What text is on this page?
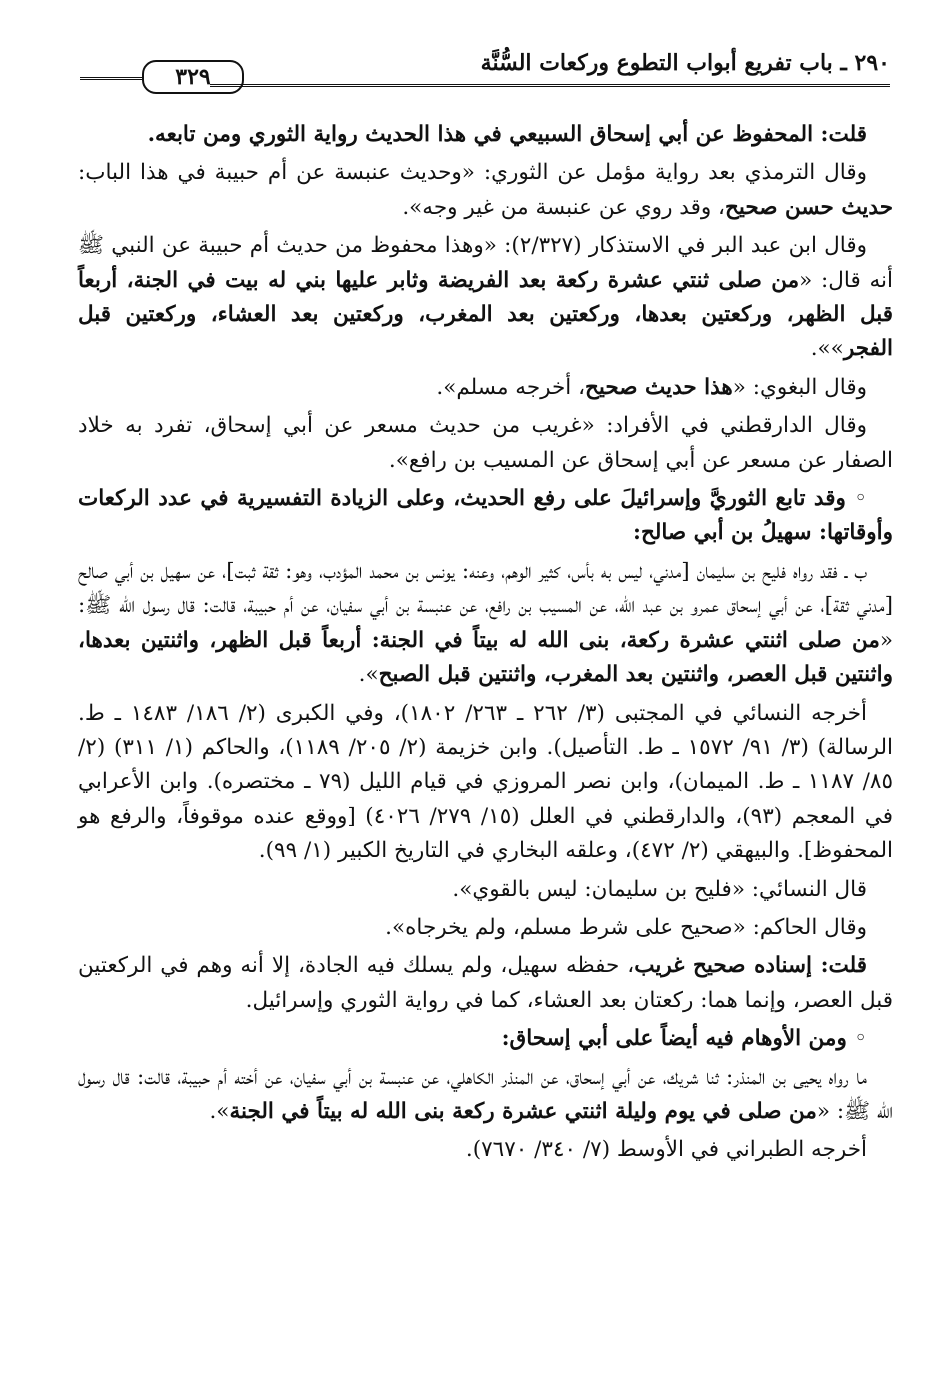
٣٢٩
٢٩٠ ـ باب تفريع أبواب التطوع وركعات السُّنَّة

قلت: المحفوظ عن أبي إسحاق السبيعي في هذا الحديث رواية الثوري ومن تابعه.

وقال الترمذي بعد رواية مؤمل عن الثوري: «وحديث عنبسة عن أم حبيبة في هذا الباب: حديث حسن صحيح، وقد روي عن عنبسة من غير وجه».

وقال ابن عبد البر في الاستذكار (٢/٣٢٧): «وهذا محفوظ من حديث أم حبيبة عن النبي ﷺ أنه قال: «من صلى ثنتي عشرة ركعة بعد الفريضة وثابر عليها بني له بيت في الجنة، أربعاً قبل الظهر، وركعتين بعدها، وركعتين بعد المغرب، وركعتين بعد العشاء، وركعتين قبل الفجر»».

وقال البغوي: «هذا حديث صحيح، أخرجه مسلم».

وقال الدارقطني في الأفراد: «غريب من حديث مسعر عن أبي إسحاق، تفرد به خلاد الصفار عن مسعر عن أبي إسحاق عن المسيب بن رافع».

◦ وقد تابع الثوريَّ وإسرائيلَ على رفع الحديث، وعلى الزيادة التفسيرية في عدد الركعات وأوقاتها: سهيلُ بن أبي صالح:

ب ـ فقد رواه فليح بن سليمان [مدني، ليس به بأس، كثير الوهم، وعنه: يونس بن محمد المؤدب، وهو: ثقة ثبت]، عن سهيل بن أبي صالح [مدني ثقة]، عن أبي إسحاق عمرو بن عبد الله، عن المسيب بن رافع، عن عنبسة بن أبي سفيان، عن أم حبيبة، قالت: قال رسول الله ﷺ: «من صلى اثنتي عشرة ركعة، بنى الله له بيتاً في الجنة: أربعاً قبل الظهر، واثنتين بعدها، واثنتين قبل العصر، واثنتين بعد المغرب، واثنتين قبل الصبح».

أخرجه النسائي في المجتبى (٣/ ٢٦٢ ـ ٢٦٣/ ١٨٠٢)، وفي الكبرى (٢/ ١٨٦/ ١٤٨٣ ـ ط. الرسالة) (٣/ ٩١/ ١٥٧٢ ـ ط. التأصيل). وابن خزيمة (٢/ ٢٠٥/ ١١٨٩)، والحاكم (١/ ٣١١) (٢/ ٨٥/ ١١٨٧ ـ ط. الميمان)، وابن نصر المروزي في قيام الليل (٧٩ ـ مختصره). وابن الأعرابي في المعجم (٩٣)، والدارقطني في العلل (١٥/ ٢٧٩/ ٤٠٢٦) [ووقع عنده موقوفاً، والرفع هو المحفوظ]. والبيهقي (٢/ ٤٧٢)، وعلقه البخاري في التاريخ الكبير (١/ ٩٩).

قال النسائي: «فليح بن سليمان: ليس بالقوي».

وقال الحاكم: «صحيح على شرط مسلم، ولم يخرجاه».

قلت: إسناده صحيح غريب، حفظه سهيل، ولم يسلك فيه الجادة، إلا أنه وهم في الركعتين قبل العصر، وإنما هما: ركعتان بعد العشاء، كما في رواية الثوري وإسرائيل.

◦ ومن الأوهام فيه أيضاً على أبي إسحاق:

ما رواه يحيى بن المنذر: ثنا شريك، عن أبي إسحاق، عن المنذر الكاهلي، عن عنبسة بن أبي سفيان، عن أخته أم حبيبة، قالت: قال رسول الله ﷺ: «من صلى في يوم وليلة اثنتي عشرة ركعة بنى الله له بيتاً في الجنة».

أخرجه الطبراني في الأوسط (٧/ ٣٤٠/ ٧٦٧٠).
